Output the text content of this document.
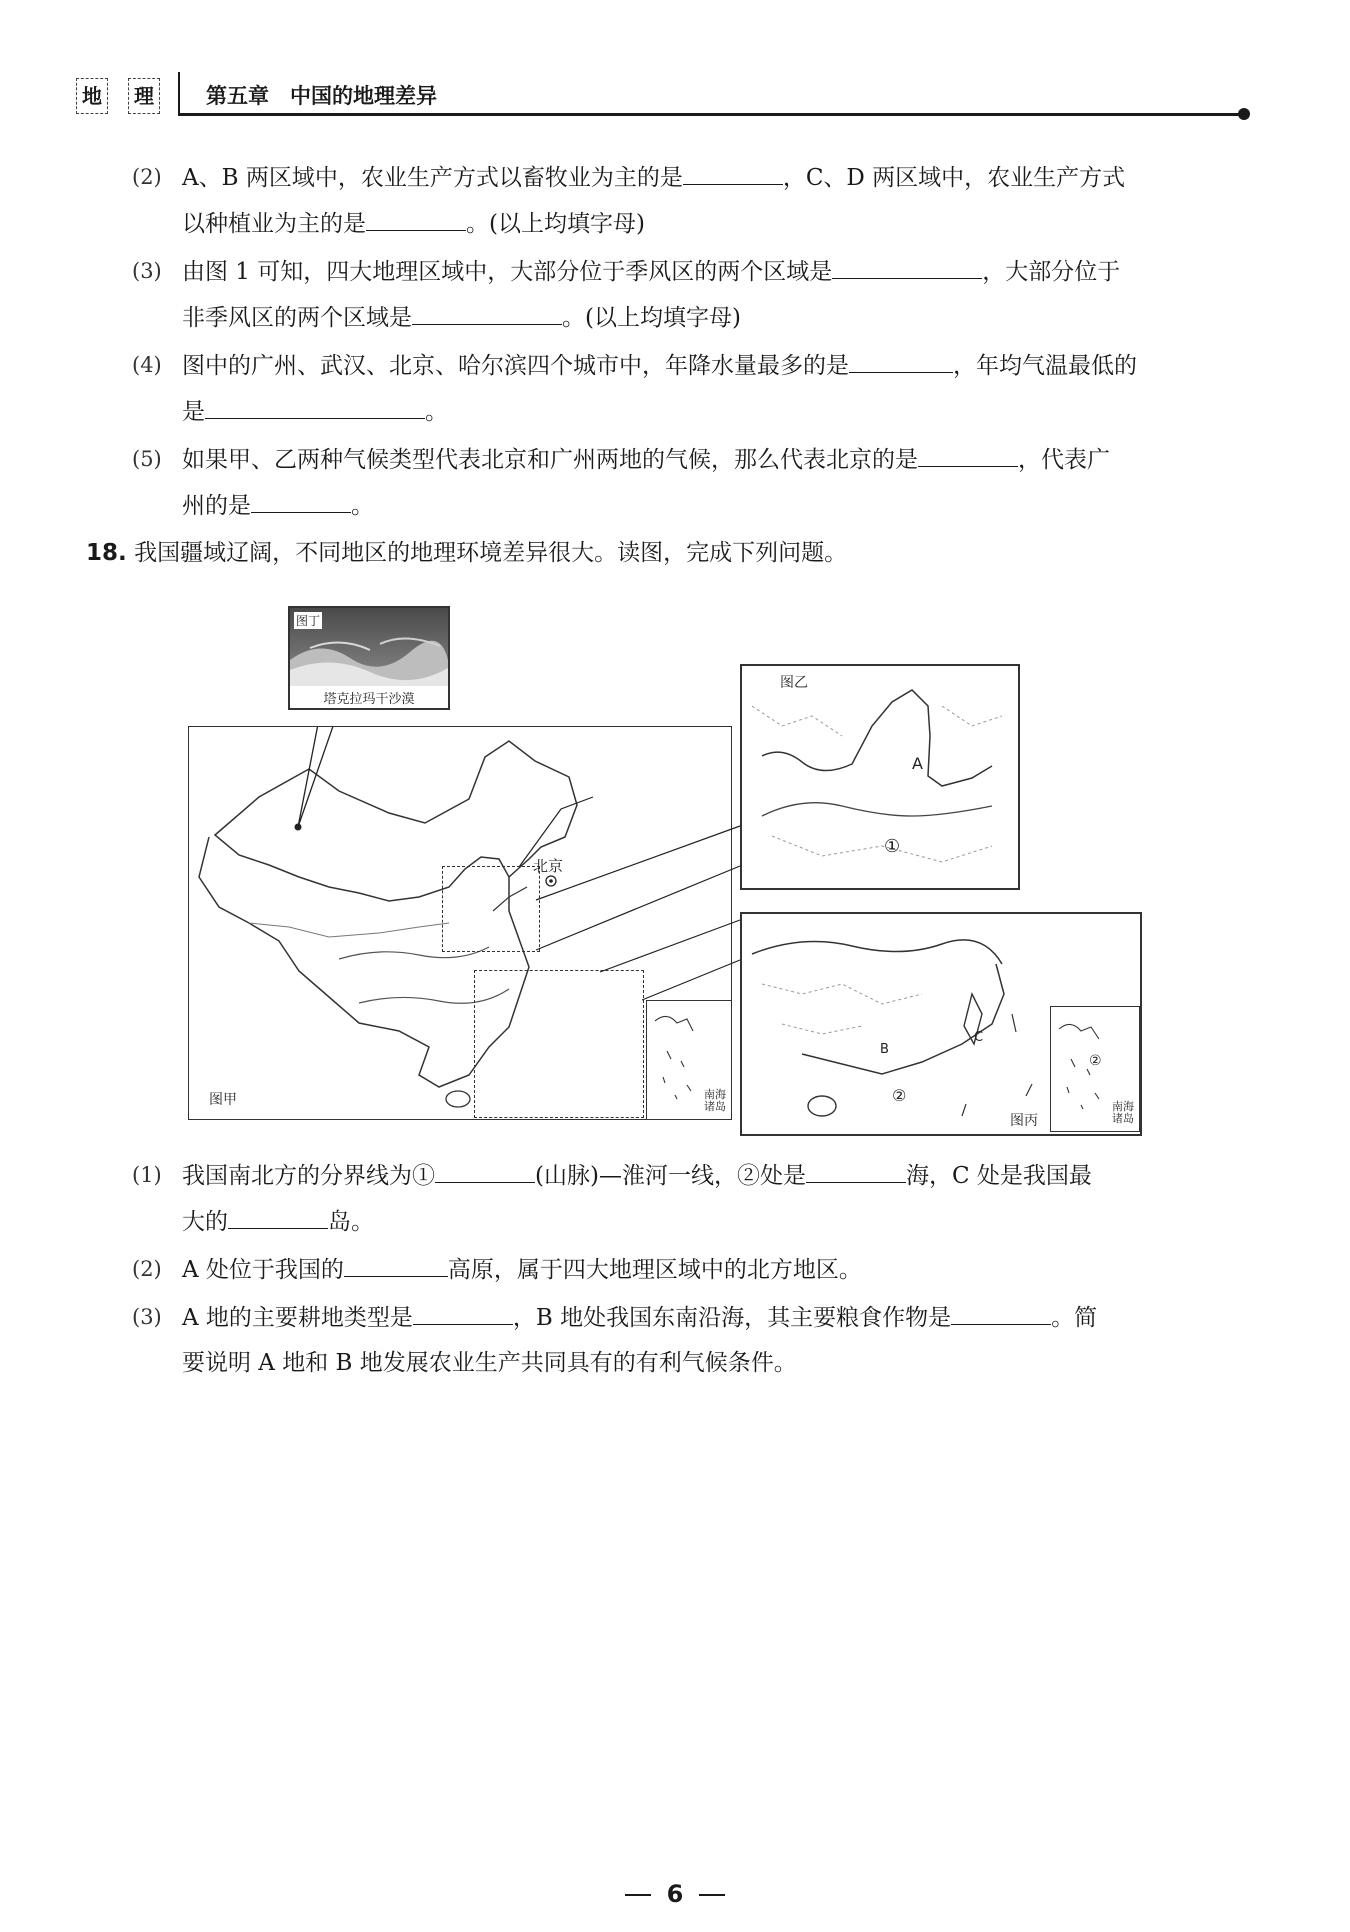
地	理 第五章　中国的地理差异
(2) A、B 两区域中，农业生产方式以畜牧业为主的是	，C、D 两区域中，农业生产方式
以种植业为主的是	。(以上均填字母)
(3) 由图 1 可知，四大地理区域中，大部分位于季风区的两个区域是	，大部分位于
非季风区的两个区域是	。(以上均填字母)
(4) 图中的广州、武汉、北京、哈尔滨四个城市中，年降水量最多的是	，年均气温最低的
是	。
(5) 如果甲、乙两种气候类型代表北京和广州两地的气候，那么代表北京的是	，代表广
州的是	。
18. 我国疆域辽阔，不同地区的地理环境差异很大。读图，完成下列问题。
图丁
塔克拉玛干沙漠
图甲
北京
南海
诸岛
图乙
A
①
B
C
②
图丙
②
南海
诸岛
(1) 我国南北方的分界线为①	(山脉)—淮河一线，②处是	海，C 处是我国最
大的	岛。
(2) A 处位于我国的	高原，属于四大地理区域中的北方地区。
(3) A 地的主要耕地类型是	，B 地处我国东南沿海，其主要粮食作物是	。简
要说明 A 地和 B 地发展农业生产共同具有的有利气候条件。
6
